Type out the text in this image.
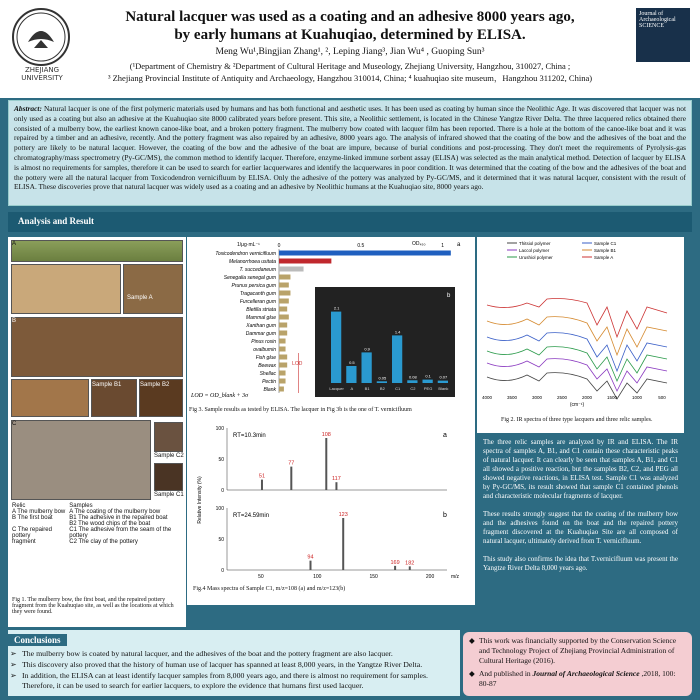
ZHEJIANG UNIVERSITY
Natural lacquer was used as a coating and an adhesive 8000 years ago,
by early humans at Kuahuqiao, determined by ELISA.
Meng Wu¹,Bingjian Zhang¹, ², Leping Jiang³, Jian Wu⁴ , Guoping Sun³
(¹Department of Chemistry & ²Department of Cultural Heritage and Museology, Zhejiang University, Hangzhou, 310027, China ;
³ Zhejiang Provincial Institute of Antiquity and Archaeology, Hangzhou 310014, China; ⁴ kuahuqiao site museum，Hangzhou 311202, China)
Journal of Archaeological SCIENCE
Abstract: Natural lacquer is one of the first polymeric materials used by humans and has both functional and aesthetic uses. It has been used as coating by human since the Neolithic Age. It was discovered that lacquer was not only used as a coating but also an adhesive at the Kuahuqiao site 8000 calibrated years before present. This site, a Neolithic settlement, is located in the Chinese Yangtze River Delta. The three lacquered relics obtained there consisted of a mulberry bow, the earliest known canoe-like boat, and a broken pottery fragment. The mulberry bow coated with lacquer film has been reported. There is a hole at the bottom of the canoe-like boat and it was repaired by a timber and an adhesive, recently. And the pottery fragment was also repaired by an adhesive, 8000 years ago. The analysis of infrared showed that the coating of the bow and the adhesives of the boat and the pottery are likely to be natural lacquer. However, the coating of the bow and the adhesive of the boat are impure, because of burial conditions and post-processing. They don't meet the requirements of Pyrolysis-gas chromatography/mass spectrometry (Py-GC/MS), the common method to identify lacquer. Therefore, enzyme-linked immune sorbent assay (ELISA) was selected as the main analytical method. Detection of lacquer by ELISA is almost no requirements for samples, therefore it can be used to search for earlier lacquerwares and identify the lacquerwares in poor condition. It was determined that the coating of the bow and the adhesives of the boat and the pottery were all the natural lacquer from Toxicodendron vernicifluum by ELISA. Only the adhesive of the pottery was analyzed by Py-GC/MS, and it determined that it was natural lacquer, consistent with the result of ELISA. These discoveries prove that natural lacquer was widely used as a coating and an adhesive by Neolithic humans at the Kuahuqiao site, 8000 years ago.
Analysis and Result
A
Sample A
B
Sample B1	Sample B2
C
Sample C2
Sample C1
Relic	Samples
A The mulberry bow	A The coating of the mulberry bow
B The first boat	B1 The adhesive in the repaired boat
	B2 The wood chips of the boat
C The repaired pottery	C1 The adhesive from the seam of the pottery
fragment	C2 The clay of the pottery
Fig 1. The mulberry bow, the first boat, and the repaired pottery fragment from the Kuahuqiao site, as well as the locations at which they were found.
1/μg·mL⁻¹	OD₄₅₀	a
0	0.5	1
Toxicodendron vernicifluum
Melanorrhoea usitata
T. succedaneum
Senegalia senegal gum
Prunus persica gum
Tragacanth gum
Furcelleran gum
Bletilla striata
Mammal glue
Xanthan gum
Dammar gum
Pinus rosin
ovalbumin
Fish glue
Beewax
Shellac
Pectin
Blank
LOD
LOD = OD_blank + 3σ
b
2.1
Lacquer
0.5
A
0.9
B1
0.05
B2
1.4
C1
0.08
C2
0.1
PEG
0.07
Blank
Fig 3. Sample results as tested by ELISA. The lacquer in Fig 3b is the one of T. vernicifluum
Thitsiol polymer
Laccol polymer
Urushiol polymer
Sample C1
Sample B1
Sample A
4000	3500	3000	2500	2000	1500	1000	500
(cm⁻¹)
Fig 2. IR spectra of three type lacquers and three relic samples.
RT=10.3min	a
0
50
100
51
77
108
117
RT=24.59min	b
0
50
100
94
123
169 182
Relative Intensity (%)
50	100	150	200	m/z
Fig.4 Mass spectra of Sample C1, m/z=108 (a) and m/z=123(b)

The three relic samples are analyzed by IR and ELISA. The IR spectra of samples A, B1, and C1 contain these characteristic peaks of natural lacquer. It can clearly be seen that samples A, B1, and C1 all showed a positive reaction, but the samples B2, C2, and PEG all showed negative reactions, in ELISA test. Sample C1 was analyzed by Py-GC/MS, its result showed that sample C1 contained phenols and characteristic molecular fragments of lacquer.

These results strongly suggest that the coating of the mulberry bow and the adhesives found on the boat and the repaired pottery fragment discovered at the Kuahuqiao Site are all composed of natural lacquer, ultimately derived from T. vernicifluum.

This study also confirms the idea that T.vernicifluum was present the Yangtze River Delta 8,000 years ago.

Conclusions
➢ The mulberry bow is coated by natural lacquer, and the adhesives of the boat and the pottery fragment are also lacquer.
➢ This discovery also proved that the history of human use of lacquer has spanned at least 8,000 years, in the Yangtze River Delta.
➢ In addition, the ELISA can at least identify lacquer samples from 8,000 years ago, and there is almost no requirement for samples. Therefore, it can be used to search for earlier lacquers, to explore the evidence that humans first used lacquer.
◆ This work was financially supported by the Conservation Science and Technology Project of Zhejiang Provincial Administration of Cultural Heritage (2016).
◆ And published in Journal of Archaeological Science ,2018, 100: 80-87
